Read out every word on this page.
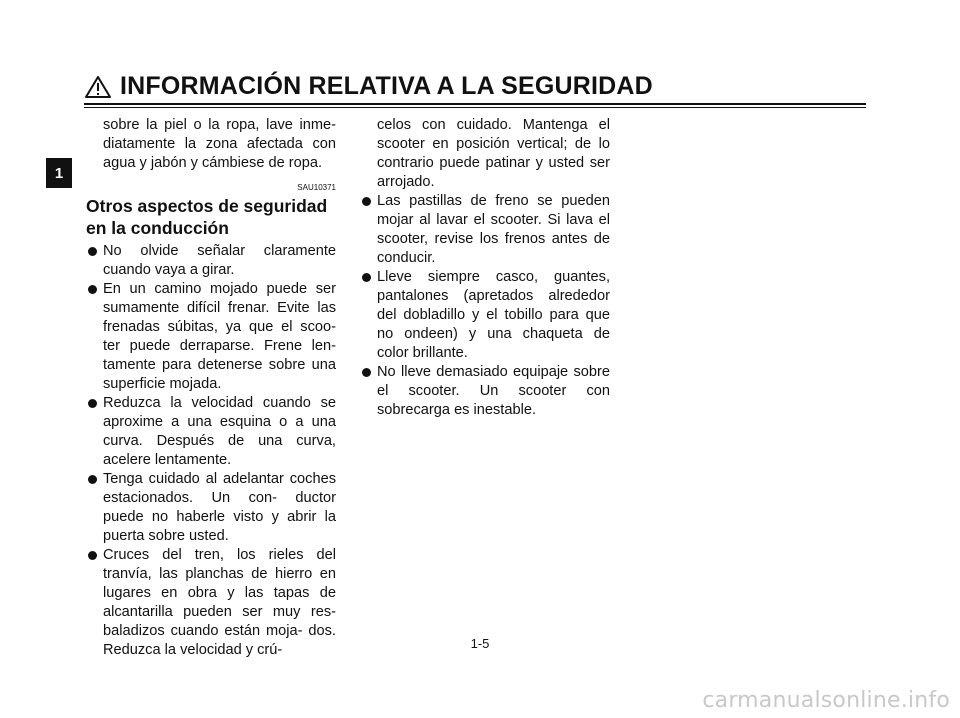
INFORMACIÓN RELATIVA A LA SEGURIDAD
1
sobre la piel o la ropa, lave inme- diatamente la zona afectada con agua y jabón y cámbiese de ropa.
SAU10371
Otros aspectos de seguridad en la conducción
No olvide señalar claramente cuando vaya a girar.
En un camino mojado puede ser sumamente difícil frenar. Evite las frenadas súbitas, ya que el scoo- ter puede derraparse. Frene len- tamente para detenerse sobre una superficie mojada.
Reduzca la velocidad cuando se aproxime a una esquina o a una curva. Después de una curva, acelere lentamente.
Tenga cuidado al adelantar coches estacionados. Un con- ductor puede no haberle visto y abrir la puerta sobre usted.
Cruces del tren, los rieles del tranvía, las planchas de hierro en lugares en obra y las tapas de alcantarilla pueden ser muy res- baladizos cuando están moja- dos. Reduzca la velocidad y crú-
celos con cuidado. Mantenga el scooter en posición vertical; de lo contrario puede patinar y usted ser arrojado.
Las pastillas de freno se pueden mojar al lavar el scooter. Si lava el scooter, revise los frenos antes de conducir.
Lleve siempre casco, guantes, pantalones (apretados alrededor del dobladillo y el tobillo para que no ondeen) y una chaqueta de color brillante.
No lleve demasiado equipaje sobre el scooter. Un scooter con sobrecarga es inestable.
1-5
carmanualsonline.info
